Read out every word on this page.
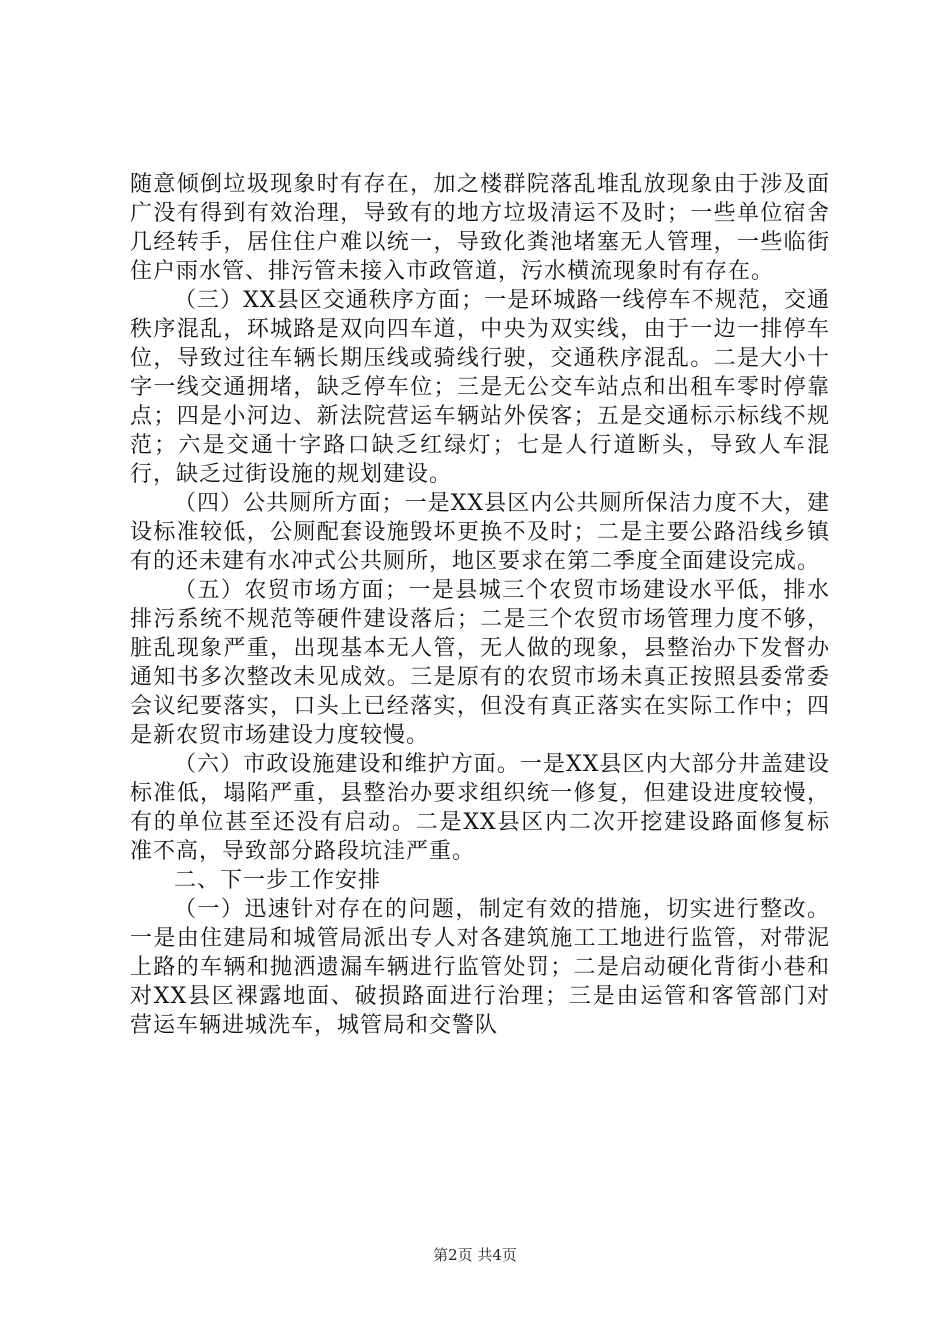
随意倾倒垃圾现象时有存在，加之楼群院落乱堆乱放现象由于涉及面广没有得到有效治理，导致有的地方垃圾清运不及时；一些单位宿舍几经转手，居住住户难以统一，导致化粪池堵塞无人管理，一些临街住户雨水管、排污管未接入市政管道，污水横流现象时有存在。

（三）XX县区交通秩序方面；一是环城路一线停车不规范，交通秩序混乱，环城路是双向四车道，中央为双实线，由于一边一排停车位，导致过往车辆长期压线或骑线行驶，交通秩序混乱。二是大小十字一线交通拥堵，缺乏停车位；三是无公交车站点和出租车零时停靠点；四是小河边、新法院营运车辆站外侯客；五是交通标示标线不规范；六是交通十字路口缺乏红绿灯；七是人行道断头，导致人车混行，缺乏过街设施的规划建设。

（四）公共厕所方面；一是XX县区内公共厕所保洁力度不大，建设标准较低，公厕配套设施毁坏更换不及时；二是主要公路沿线乡镇有的还未建有水冲式公共厕所，地区要求在第二季度全面建设完成。

（五）农贸市场方面；一是县城三个农贸市场建设水平低，排水排污系统不规范等硬件建设落后；二是三个农贸市场管理力度不够，脏乱现象严重，出现基本无人管，无人做的现象，县整治办下发督办通知书多次整改未见成效。三是原有的农贸市场未真正按照县委常委会议纪要落实，口头上已经落实，但没有真正落实在实际工作中；四是新农贸市场建设力度较慢。

（六）市政设施建设和维护方面。一是XX县区内大部分井盖建设标准低，塌陷严重，县整治办要求组织统一修复，但建设进度较慢，有的单位甚至还没有启动。二是XX县区内二次开挖建设路面修复标准不高，导致部分路段坑洼严重。

二、下一步工作安排

（一）迅速针对存在的问题，制定有效的措施，切实进行整改。一是由住建局和城管局派出专人对各建筑施工工地进行监管，对带泥上路的车辆和抛洒遗漏车辆进行监管处罚；二是启动硬化背街小巷和对XX县区裸露地面、破损路面进行治理；三是由运管和客管部门对营运车辆进城洗车，城管局和交警队

第2页 共4页
